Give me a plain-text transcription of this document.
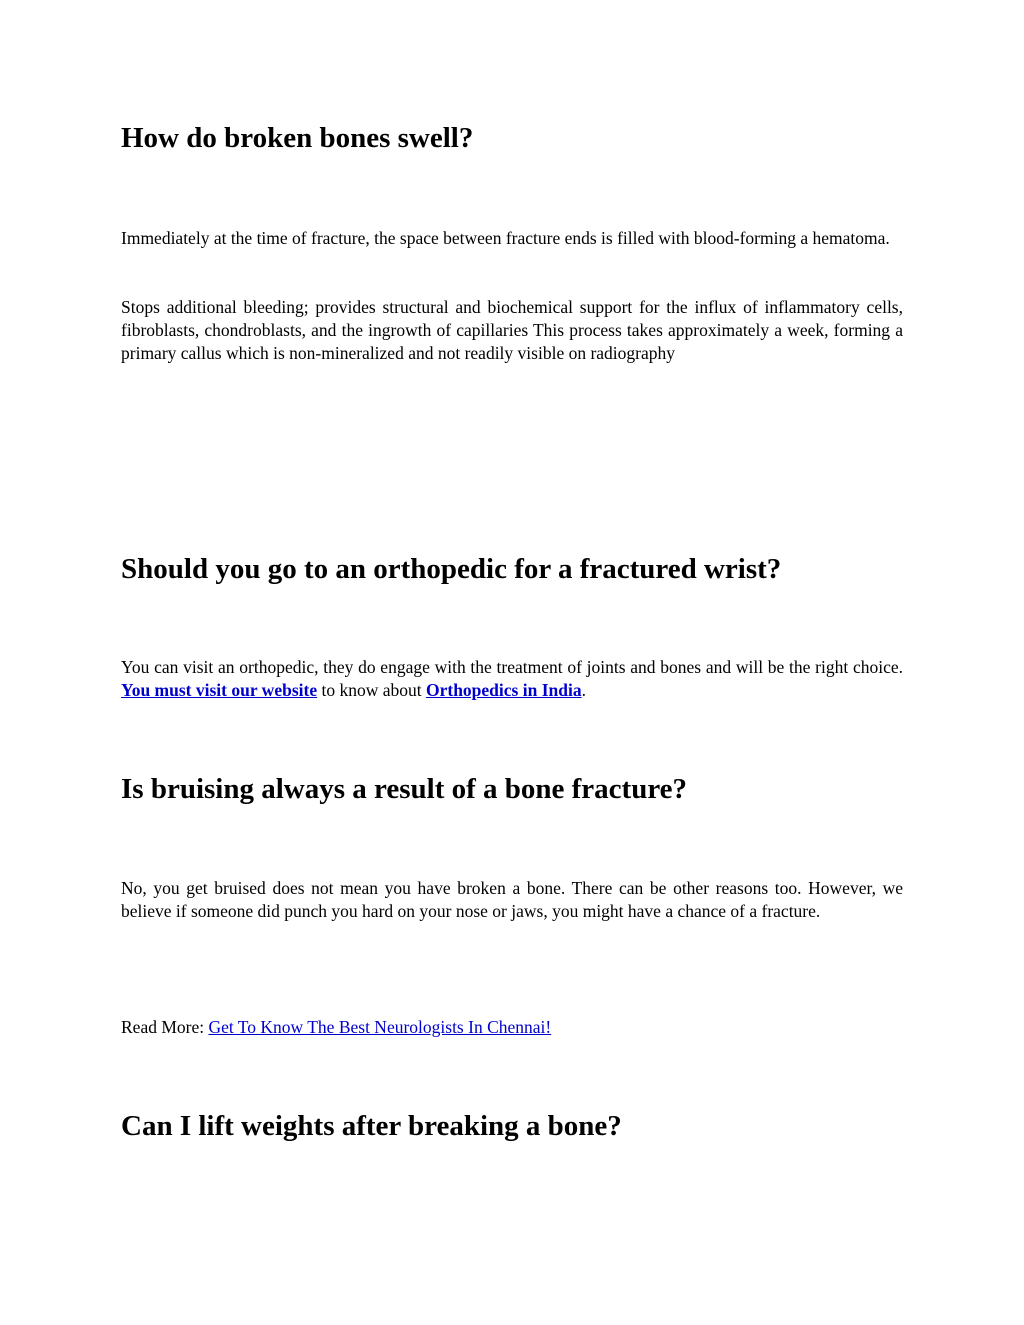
How do broken bones swell?

Immediately at the time of fracture, the space between fracture ends is filled with blood-forming a hematoma.

Stops additional bleeding; provides structural and biochemical support for the influx of inflammatory cells, fibroblasts, chondroblasts, and the ingrowth of capillaries This process takes approximately a week, forming a primary callus which is non-mineralized and not readily visible on radiography

Should you go to an orthopedic for a fractured wrist?

You can visit an orthopedic, they do engage with the treatment of joints and bones and will be the right choice. You must visit our website to know about Orthopedics in India.

Is bruising always a result of a bone fracture?

No, you get bruised does not mean you have broken a bone. There can be other reasons too. However, we believe if someone did punch you hard on your nose or jaws, you might have a chance of a fracture.

Read More: Get To Know The Best Neurologists In Chennai!

Can I lift weights after breaking a bone?
